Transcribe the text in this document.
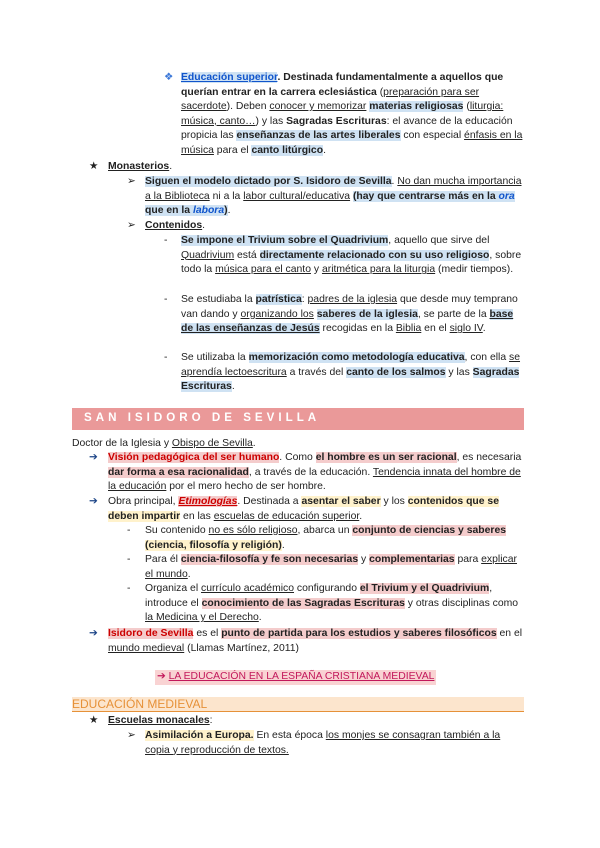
❖ Educación superior. Destinada fundamentalmente a aquellos que querían entrar en la carrera eclesiástica (preparación para ser sacerdote). Deben conocer y memorizar materias religiosas (liturgia: música, canto…) y las Sagradas Escrituras: el avance de la educación propicia las enseñanzas de las artes liberales con especial énfasis en la música para el canto litúrgico.
★ Monasterios.
➢ Siguen el modelo dictado por S. Isidoro de Sevilla. No dan mucha importancia a la Biblioteca ni a la labor cultural/educativa (hay que centrarse más en la ora que en la labora).
➢ Contenidos.
- Se impone el Trivium sobre el Quadrivium, aquello que sirve del Quadrivium está directamente relacionado con su uso religioso, sobre todo la música para el canto y aritmética para la liturgia (medir tiempos).
- Se estudiaba la patrística: padres de la iglesia que desde muy temprano van dando y organizando los saberes de la iglesia, se parte de la base de las enseñanzas de Jesús recogidas en la Biblia en el siglo IV.
- Se utilizaba la memorización como metodología educativa, con ella se aprendía lectoescritura a través del canto de los salmos y las Sagradas Escrituras.
SAN ISIDORO DE SEVILLA
Doctor de la Iglesia y Obispo de Sevilla.
➔ Visión pedagógica del ser humano. Como el hombre es un ser racional, es necesaria dar forma a esa racionalidad, a través de la educación. Tendencia innata del hombre de la educación por el mero hecho de ser hombre.
➔ Obra principal, Etimologías. Destinada a asentar el saber y los contenidos que se deben impartir en las escuelas de educación superior.
- Su contenido no es sólo religioso, abarca un conjunto de ciencias y saberes (ciencia, filosofía y religión).
- Para él ciencia-filosofía y fe son necesarias y complementarias para explicar el mundo.
- Organiza el currículo académico configurando el Trivium y el Quadrivium, introduce el conocimiento de las Sagradas Escrituras y otras disciplinas como la Medicina y el Derecho.
➔ Isidoro de Sevilla es el punto de partida para los estudios y saberes filosóficos en el mundo medieval (Llamas Martínez, 2011)
➔ LA EDUCACIÓN EN LA ESPAÑA CRISTIANA MEDIEVAL
EDUCACIÓN MEDIEVAL
★ Escuelas monacales:
➢ Asimilación a Europa. En esta época los monjes se consagran también a la copia y reproducción de textos.
